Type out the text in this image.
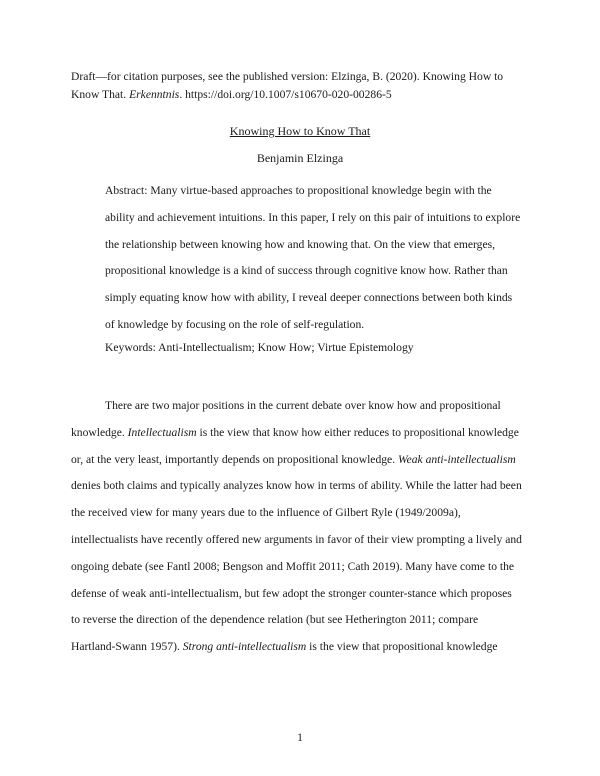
Draft—for citation purposes, see the published version: Elzinga, B. (2020). Knowing How to
Know That. Erkenntnis. https://doi.org/10.1007/s10670-020-00286-5
Knowing How to Know That
Benjamin Elzinga
Abstract: Many virtue-based approaches to propositional knowledge begin with the
ability and achievement intuitions. In this paper, I rely on this pair of intuitions to explore
the relationship between knowing how and knowing that. On the view that emerges,
propositional knowledge is a kind of success through cognitive know how. Rather than
simply equating know how with ability, I reveal deeper connections between both kinds
of knowledge by focusing on the role of self-regulation.
Keywords: Anti-Intellectualism; Know How; Virtue Epistemology
There are two major positions in the current debate over know how and propositional
knowledge. Intellectualism is the view that know how either reduces to propositional knowledge
or, at the very least, importantly depends on propositional knowledge. Weak anti-intellectualism
denies both claims and typically analyzes know how in terms of ability. While the latter had been
the received view for many years due to the influence of Gilbert Ryle (1949/2009a),
intellectualists have recently offered new arguments in favor of their view prompting a lively and
ongoing debate (see Fantl 2008; Bengson and Moffit 2011; Cath 2019). Many have come to the
defense of weak anti-intellectualism, but few adopt the stronger counter-stance which proposes
to reverse the direction of the dependence relation (but see Hetherington 2011; compare
Hartland-Swann 1957). Strong anti-intellectualism is the view that propositional knowledge
1
